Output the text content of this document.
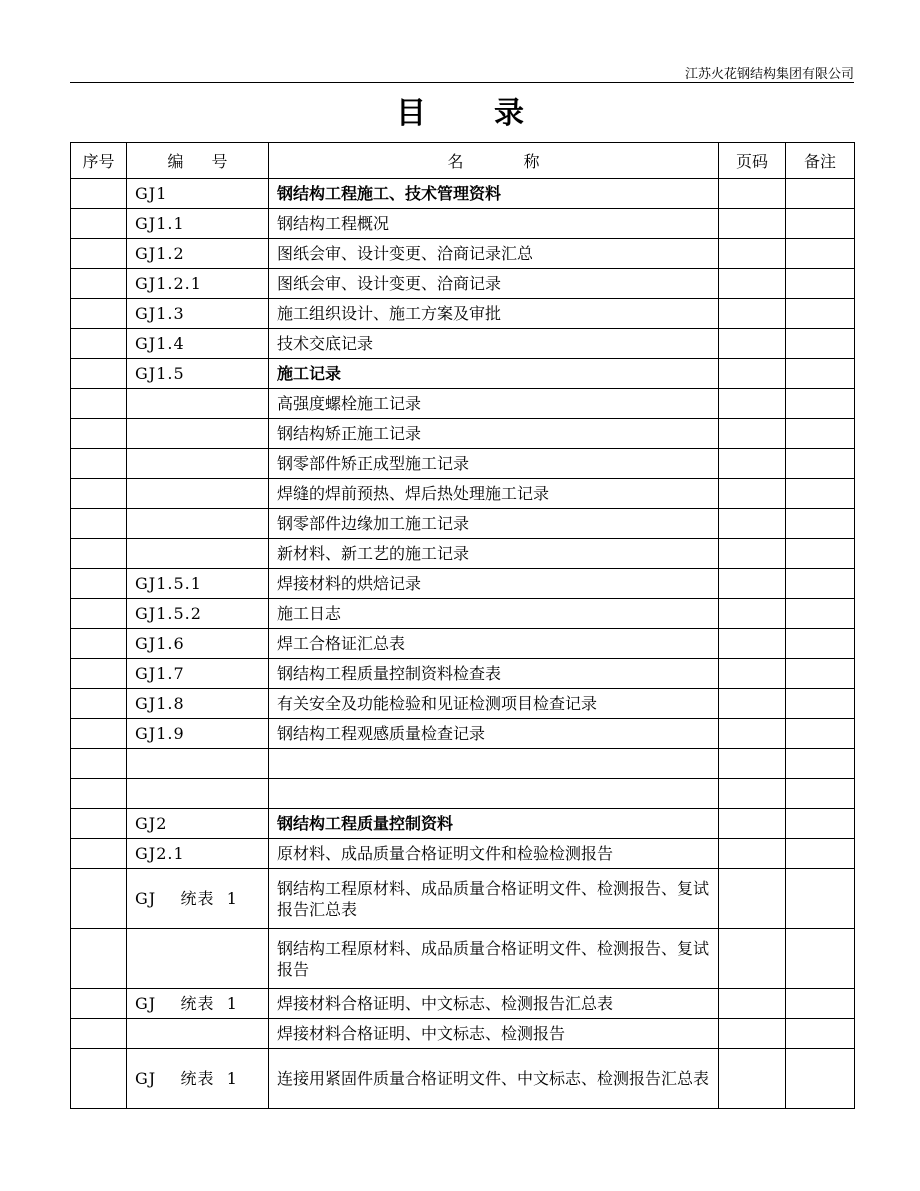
江苏火花钢结构集团有限公司
目录
序号	编号	名称	页码	备注
	GJ1	钢结构工程施工、技术管理资料		
	GJ1.1	钢结构工程概况		
	GJ1.2	图纸会审、设计变更、洽商记录汇总		
	GJ1.2.1	图纸会审、设计变更、洽商记录		
	GJ1.3	施工组织设计、施工方案及审批		
	GJ1.4	技术交底记录		
	GJ1.5	施工记录		
		高强度螺栓施工记录		
		钢结构矫正施工记录		
		钢零部件矫正成型施工记录		
		焊缝的焊前预热、焊后热处理施工记录		
		钢零部件边缘加工施工记录		
		新材料、新工艺的施工记录		
	GJ1.5.1	焊接材料的烘焙记录		
	GJ1.5.2	施工日志		
	GJ1.6	焊工合格证汇总表		
	GJ1.7	钢结构工程质量控制资料检查表		
	GJ1.8	有关安全及功能检验和见证检测项目检查记录		
	GJ1.9	钢结构工程观感质量检查记录		

	GJ2	钢结构工程质量控制资料		
	GJ2.1	原材料、成品质量合格证明文件和检验检测报告		
	GJ    统表  1	钢结构工程原材料、成品质量合格证明文件、检测报告、复试报告汇总表		
		钢结构工程原材料、成品质量合格证明文件、检测报告、复试报告		
	GJ    统表  1	焊接材料合格证明、中文标志、检测报告汇总表		
		焊接材料合格证明、中文标志、检测报告		
	GJ    统表  1	连接用紧固件质量合格证明文件、中文标志、检测报告汇总表		
